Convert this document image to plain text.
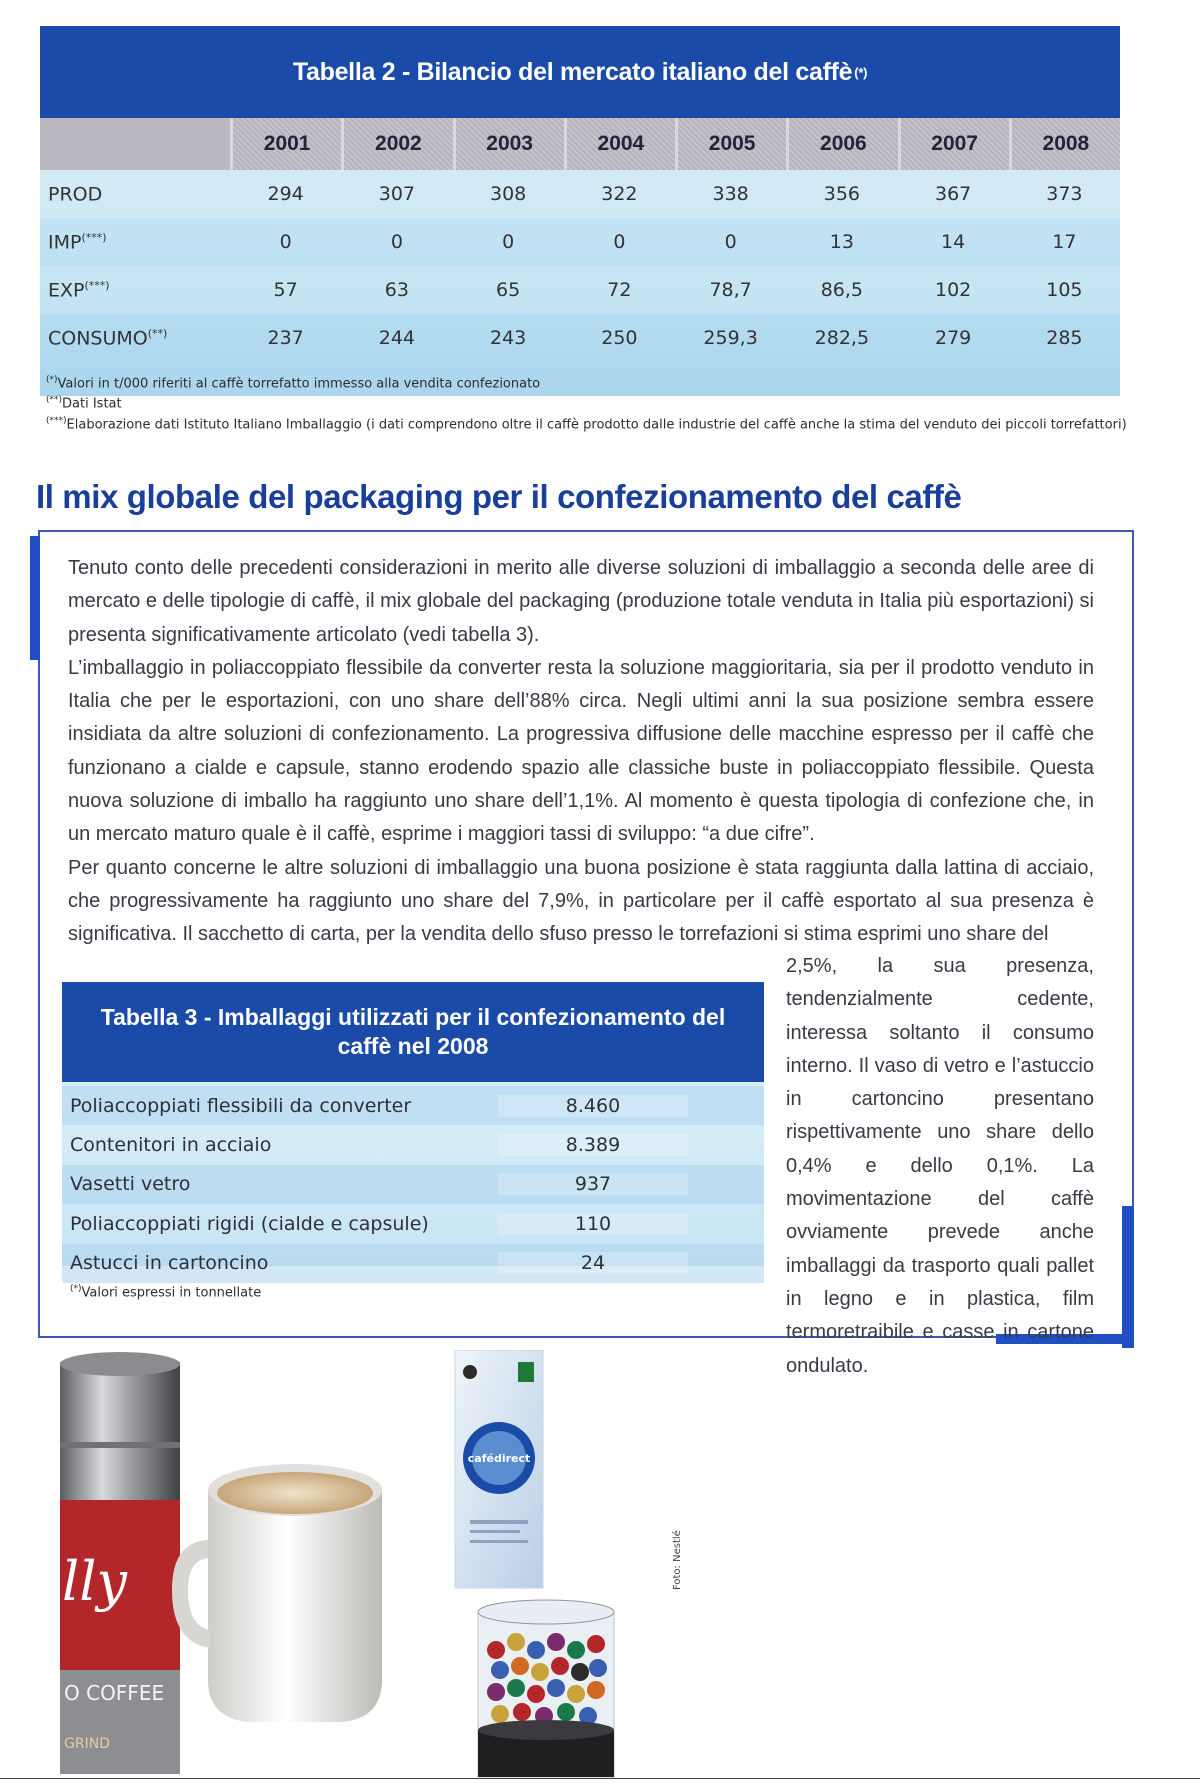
Tabella 2 - Bilancio del mercato italiano del caffè (*)
2001	2002	2003	2004	2005	2006	2007	2008
PROD	294	307	308	322	338	356	367	373
IMP(***)	0	0	0	0	0	13	14	17
EXP(***)	57	63	65	72	78,7	86,5	102	105
CONSUMO(**)	237	244	243	250	259,3	282,5	279	285
(*)Valori in t/000 riferiti al caffè torrefatto immesso alla vendita confezionato
(**)Dati Istat
(***)Elaborazione dati Istituto Italiano Imballaggio (i dati comprendono oltre il caffè prodotto dalle industrie del caffè anche la stima del venduto dei piccoli torrefattori)
Il mix globale del packaging per il confezionamento del caffè

Tenuto conto delle precedenti considerazioni in merito alle diverse soluzioni di imballaggio a seconda delle aree di mercato e delle tipologie di caffè, il mix globale del packaging (produzione totale venduta in Italia più esportazioni) si presenta significativamente articolato (vedi tabella 3).

L’imballaggio in poliaccoppiato flessibile da converter resta la soluzione maggioritaria, sia per il prodotto venduto in Italia che per le esportazioni, con uno share dell’88% circa. Negli ultimi anni la sua posizione sembra essere insidiata da altre soluzioni di confezionamento. La progressiva diffusione delle macchine espresso per il caffè che funzionano a cialde e capsule, stanno erodendo spazio alle classiche buste in poliaccoppiato flessibile. Questa nuova soluzione di imballo ha raggiunto uno share dell’1,1%. Al momento è questa tipologia di confezione che, in un mercato maturo quale è il caffè, esprime i maggiori tassi di sviluppo: “a due cifre”.

Per quanto concerne le altre soluzioni di imballaggio una buona posizione è stata raggiunta dalla lattina di acciaio, che progressivamente ha raggiunto uno share del 7,9%, in particolare per il caffè esportato al sua presenza è significativa. Il sacchetto di carta, per la vendita dello sfuso presso le torrefazioni si stima esprimi uno share del

2,5%, la sua presenza, tendenzialmente cedente, interessa soltanto il consumo interno. Il vaso di vetro e l’astuccio in cartoncino presentano rispettivamente uno share dello 0,4% e dello 0,1%. La movimentazione del caffè ovviamente prevede anche imballaggi da trasporto quali pallet in legno e in plastica, film termoretraibile e casse in cartone ondulato.

Tabella 3 - Imballaggi utilizzati per il confezionamento del caffè nel 2008
Poliaccoppiati flessibili da converter	8.460
Contenitori in acciaio	8.389
Vasetti vetro	937
Poliaccoppiati rigidi (cialde e capsule)	110
Astucci in cartoncino	24
(*)Valori espressi in tonnellate
lly
O COFFEE
GRIND
cafédirect
Foto: Nestlé
